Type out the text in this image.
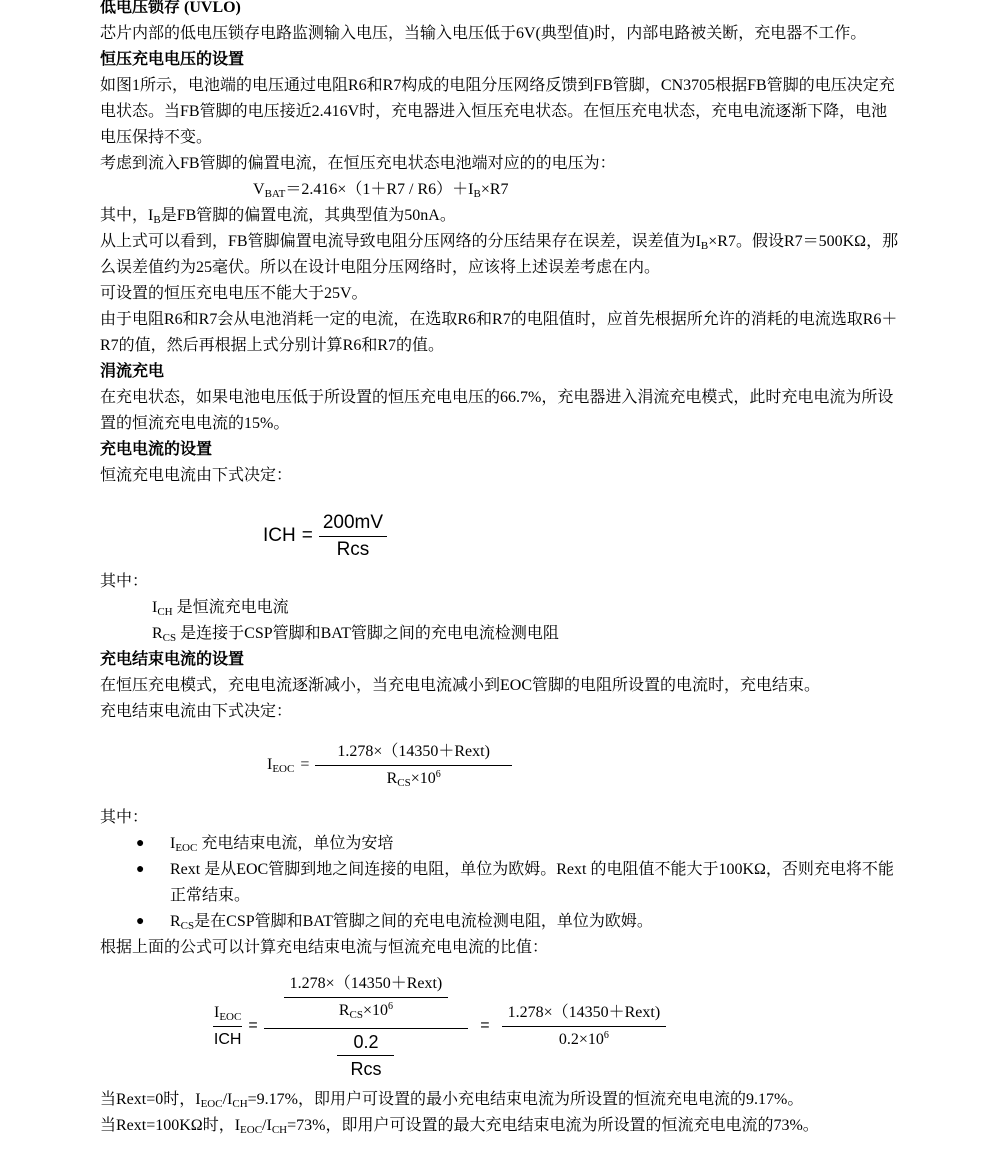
低电压锁存 (UVLO)
芯片内部的低电压锁存电路监测输入电压，当输入电压低于6V(典型值)时，内部电路被关断，充电器不工作。
恒压充电电压的设置
如图1所示，电池端的电压通过电阻R6和R7构成的电阻分压网络反馈到FB管脚，CN3705根据FB管脚的电压决定充电状态。当FB管脚的电压接近2.416V时，充电器进入恒压充电状态。在恒压充电状态，充电电流逐渐下降，电池电压保持不变。
考虑到流入FB管脚的偏置电流，在恒压充电状态电池端对应的的电压为：
$V_{BAT}=2.416\times(1+R7 / R6)+I_B\times R7$
其中，$I_B$是FB管脚的偏置电流，其典型值为50nA。
从上式可以看到，FB管脚偏置电流导致电阻分压网络的分压结果存在误差，误差值为$I_B\times R7$。假设R7＝500KΩ，那么误差值约为25毫伏。所以在设计电阻分压网络时，应该将上述误差考虑在内。
可设置的恒压充电电压不能大于25V。
由于电阻R6和R7会从电池消耗一定的电流，在选取R6和R7的电阻值时，应首先根据所允许的消耗的电流选取R6＋R7的值，然后再根据上式分别计算R6和R7的值。
涓流充电
在充电状态，如果电池电压低于所设置的恒压充电电压的66.7%，充电器进入涓流充电模式，此时充电电流为所设置的恒流充电电流的15%。
充电电流的设置
恒流充电电流由下式决定：
ICH = $\frac{200mV}{\text{Rcs}}$
其中：
$I_{CH}$ 是恒流充电电流
$R_{CS}$ 是连接于CSP管脚和BAT管脚之间的充电电流检测电阻
充电结束电流的设置
在恒压充电模式，充电电流逐渐减小，当充电电流减小到EOC管脚的电阻所设置的电流时，充电结束。
充电结束电流由下式决定：
$I_{EOC} = \frac{\text{1.278×（14350＋Rext)}}{R_{CS}\times 10^6}$
其中：
● $I_{EOC}$ 充电结束电流，单位为安培
● Rext 是从EOC管脚到地之间连接的电阻，单位为欧姆。Rext 的电阻值不能大于100KΩ，否则充电将不能正常结束。
● $R_{CS}$是在CSP管脚和BAT管脚之间的充电电流检测电阻，单位为欧姆。
根据上面的公式可以计算充电结束电流与恒流充电电流的比值：
$\frac{I_{EOC}}{\text{ICH}} = \frac{\frac{\text{1.278×（14350＋Rext)}}{R_{CS}\times 10^6}}{\frac{0.2}{\text{Rcs}}} = \frac{\text{1.278×（14350＋Rext)}}{0.2\times 10^6}$
当Rext=0时，$I_{EOC}/I_{CH}=9.17\%$，即用户可设置的最小充电结束电流为所设置的恒流充电电流的9.17%。
当Rext=100KΩ时，$I_{EOC}/I_{CH}=73\%$，即用户可设置的最大充电结束电流为所设置的恒流充电电流的73%。
